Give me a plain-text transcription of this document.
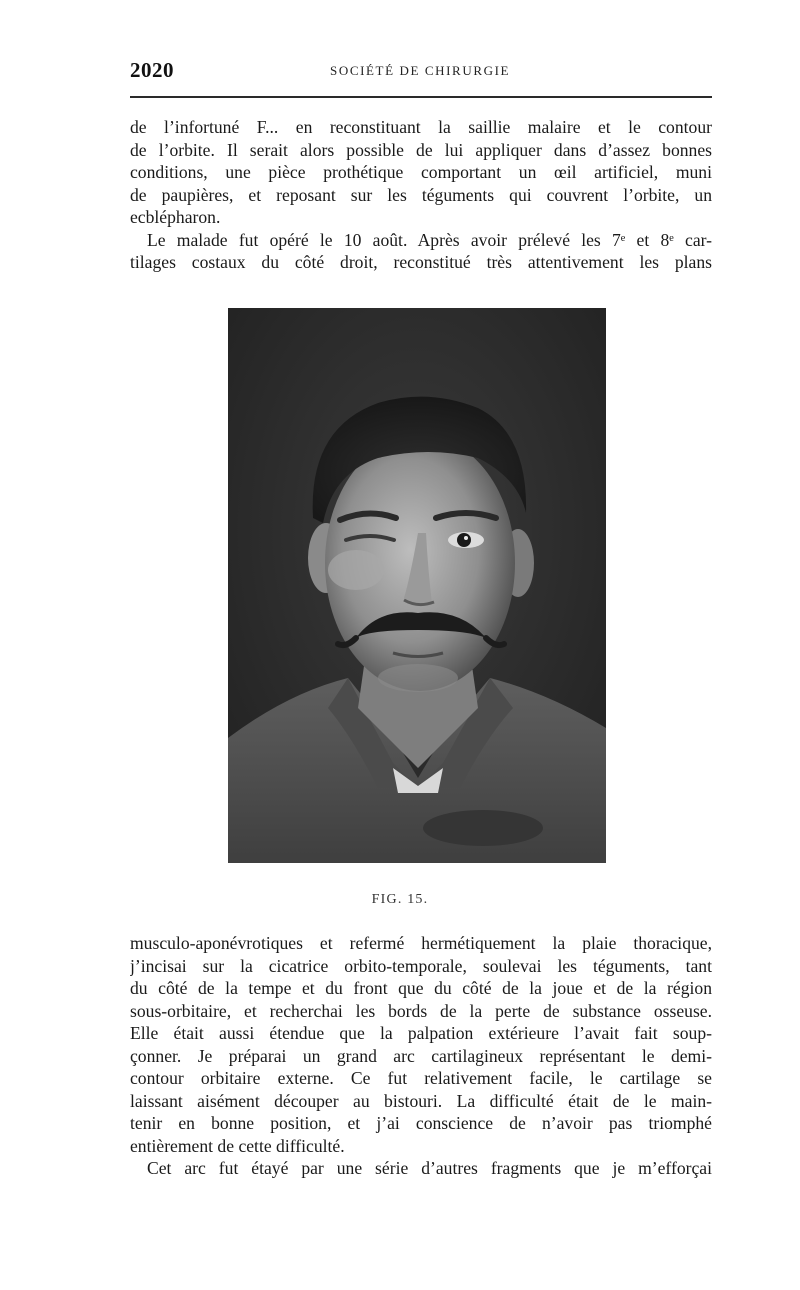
2020	SOCIÉTÉ DE CHIRURGIE
de l’infortuné F... en reconstituant la saillie malaire et le contour
de l’orbite. Il serait alors possible de lui appliquer dans d’assez bonnes
conditions, une pièce prothétique comportant un œil artificiel, muni
de paupières, et reposant sur les téguments qui couvrent l’orbite, un
ecblépharon.
Le malade fut opéré le 10 août. Après avoir prélevé les 7ᵉ et 8ᵉ car-
tilages costaux du côté droit, reconstitué très attentivement les plans
FIG. 15.
musculo-aponévrotiques et refermé hermétiquement la plaie thoracique,
j’incisai sur la cicatrice orbito-temporale, soulevai les téguments, tant
du côté de la tempe et du front que du côté de la joue et de la région
sous-orbitaire, et recherchai les bords de la perte de substance osseuse.
Elle était aussi étendue que la palpation extérieure l’avait fait soup-
çonner. Je préparai un grand arc cartilagineux représentant le demi-
contour orbitaire externe. Ce fut relativement facile, le cartilage se
laissant aisément découper au bistouri. La difficulté était de le main-
tenir en bonne position, et j’ai conscience de n’avoir pas triomphé
entièrement de cette difficulté.
Cet arc fut étayé par une série d’autres fragments que je m’efforçai
